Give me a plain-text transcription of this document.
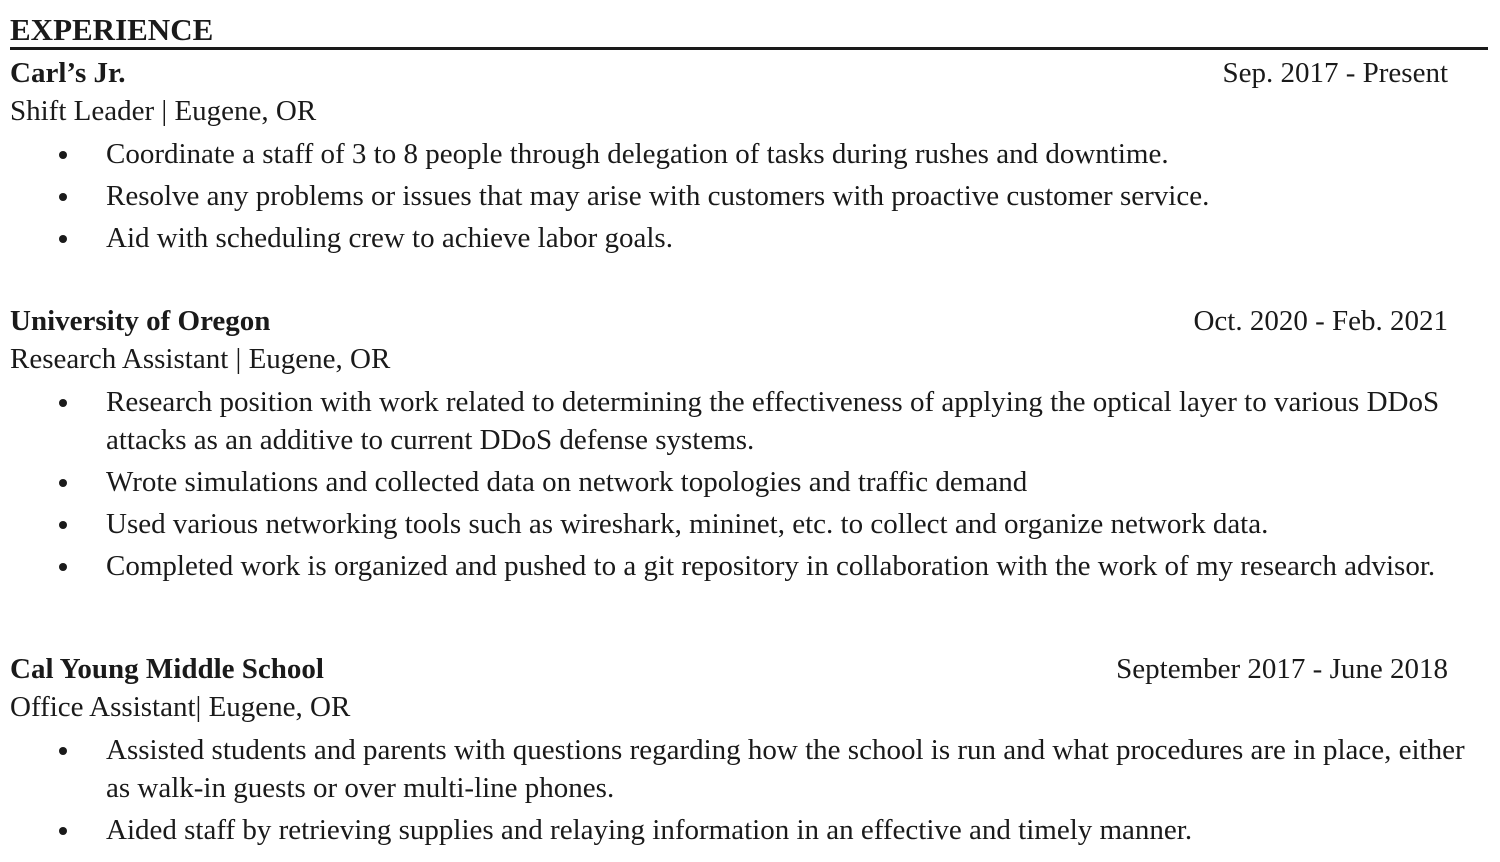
EXPERIENCE
Carl’s Jr.	Sep. 2017 - Present
Shift Leader | Eugene, OR
Coordinate a staff of 3 to 8 people through delegation of tasks during rushes and downtime.
Resolve any problems or issues that may arise with customers with proactive customer service.
Aid with scheduling crew to achieve labor goals.
University of Oregon	Oct. 2020 - Feb. 2021
Research Assistant | Eugene, OR
Research position with work related to determining the effectiveness of applying the optical layer to various DDoS attacks as an additive to current DDoS defense systems.
Wrote simulations and collected data on network topologies and traffic demand
Used various networking tools such as wireshark, mininet, etc. to collect and organize network data.
Completed work is organized and pushed to a git repository in collaboration with the work of my research advisor.
Cal Young Middle School	September 2017 - June 2018
Office Assistant| Eugene, OR
Assisted students and parents with questions regarding how the school is run and what procedures are in place, either as walk-in guests or over multi-line phones.
Aided staff by retrieving supplies and relaying information in an effective and timely manner.
